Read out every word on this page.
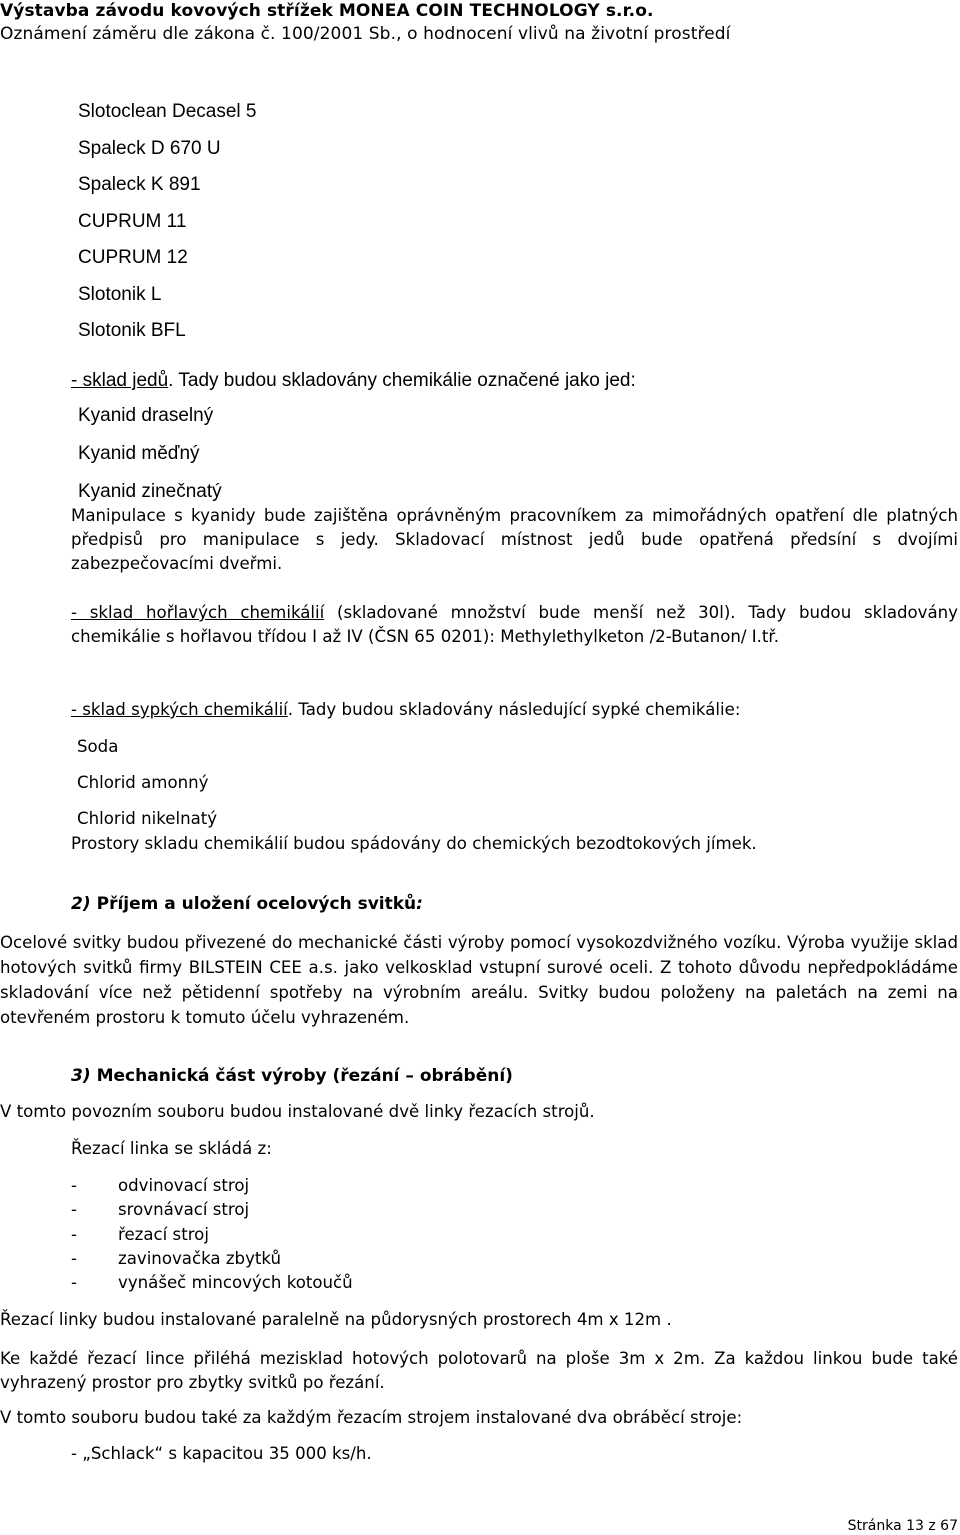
Výstavba závodu kovových střížek MONEA COIN TECHNOLOGY s.r.o.
Oznámení záměru dle zákona č. 100/2001 Sb., o hodnocení vlivů na životní prostředí
Slotoclean Decasel 5
Spaleck D 670 U
Spaleck K 891
CUPRUM 11
CUPRUM 12
Slotonik L
Slotonik BFL
- sklad jedů. Tady budou skladovány chemikálie označené jako jed:
Kyanid draselný
Kyanid měďný
Kyanid zinečnatý
Manipulace s kyanidy bude zajištěna oprávněným pracovníkem za mimořádných opatření dle platných předpisů pro manipulace s jedy. Skladovací místnost jedů bude opatřená předsíní s dvojími zabezpečovacími dveřmi.
- sklad hořlavých chemikálií (skladované množství bude menší než 30l). Tady budou skladovány chemikálie s hořlavou třídou I až IV (ČSN 65 0201): Methylethylketon /2-Butanon/ I.tř.
- sklad sypkých chemikálií. Tady budou skladovány následující sypké chemikálie:
Soda
Chlorid amonný
Chlorid nikelnatý
Prostory skladu chemikálií budou spádovány do chemických bezodtokových jímek.
2) Příjem a uložení ocelových svitků:
Ocelové svitky budou přivezené do mechanické části výroby pomocí vysokozdvižného vozíku. Výroba využije sklad hotových svitků firmy BILSTEIN CEE a.s. jako velkosklad vstupní surové oceli. Z tohoto důvodu nepředpokládáme skladování více než pětidenní spotřeby na výrobním areálu. Svitky budou položeny na paletách na zemi na otevřeném prostoru k tomuto účelu vyhrazeném.
3) Mechanická část výroby (řezání – obrábění)
V tomto povozním souboru budou instalované dvě linky řezacích strojů.
Řezací linka se skládá z:
- odvinovací stroj
- srovnávací stroj
- řezací stroj
- zavinovačka zbytků
- vynášeč mincových kotoučů
Řezací linky budou instalované paralelně na půdorysných prostorech 4m x 12m .
Ke každé řezací lince přiléhá mezisklad hotových polotovarů na ploše 3m x 2m. Za každou linkou bude také vyhrazený prostor pro zbytky svitků po řezání.
V tomto souboru budou také za každým řezacím strojem instalované dva obráběcí stroje:
- „Schlack“ s kapacitou 35 000 ks/h.
Stránka 13 z 67
